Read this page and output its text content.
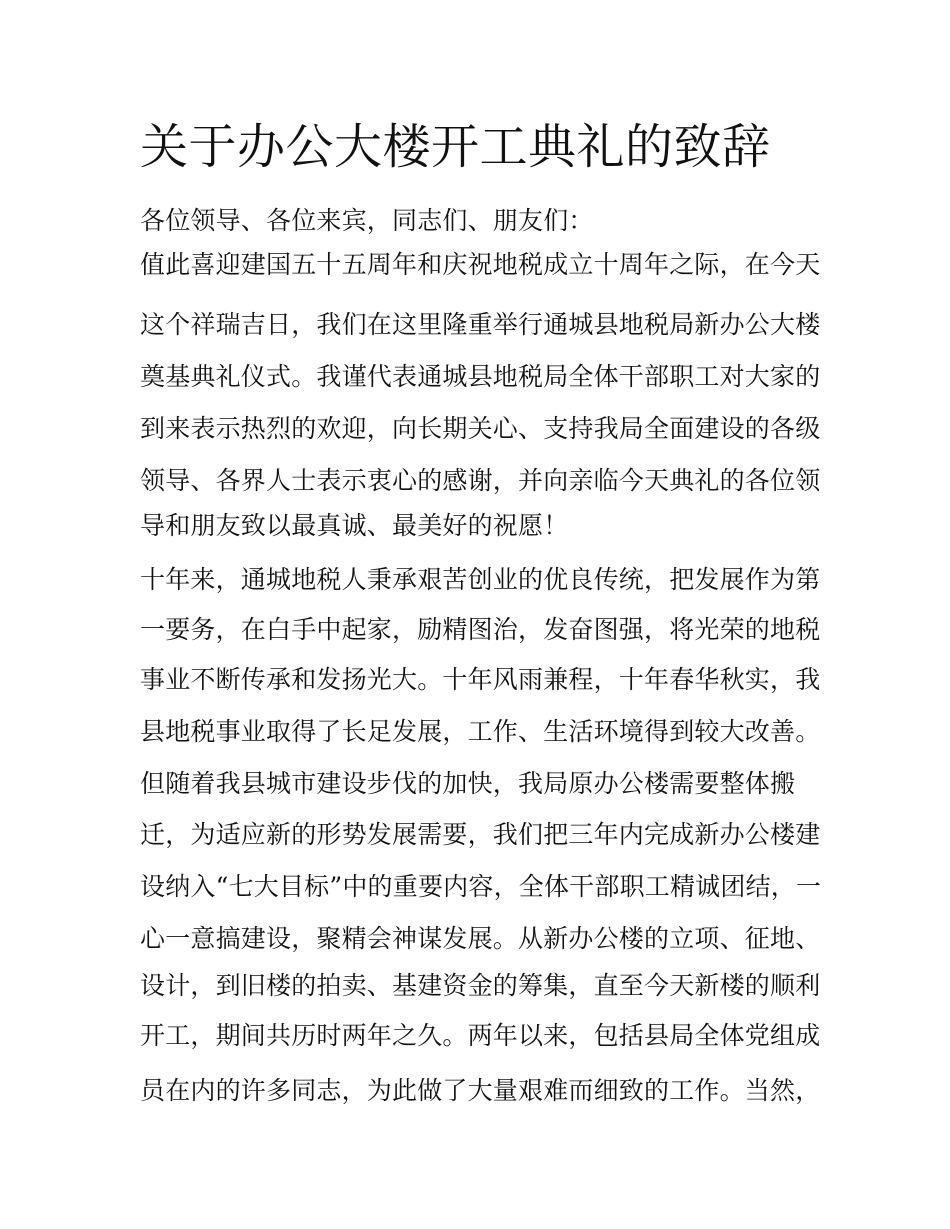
关于办公大楼开工典礼的致辞
各位领导、各位来宾，同志们、朋友们：
值此喜迎建国五十五周年和庆祝地税成立十周年之际，在今天
这个祥瑞吉日，我们在这里隆重举行通城县地税局新办公大楼
奠基典礼仪式。我谨代表通城县地税局全体干部职工对大家的
到来表示热烈的欢迎，向长期关心、支持我局全面建设的各级
领导、各界人士表示衷心的感谢，并向亲临今天典礼的各位领
导和朋友致以最真诚、最美好的祝愿！
十年来，通城地税人秉承艰苦创业的优良传统，把发展作为第
一要务，在白手中起家，励精图治，发奋图强，将光荣的地税
事业不断传承和发扬光大。十年风雨兼程，十年春华秋实，我
县地税事业取得了长足发展，工作、生活环境得到较大改善。
但随着我县城市建设步伐的加快，我局原办公楼需要整体搬
迁，为适应新的形势发展需要，我们把三年内完成新办公楼建
设纳入“七大目标”中的重要内容，全体干部职工精诚团结，一
心一意搞建设，聚精会神谋发展。从新办公楼的立项、征地、
设计，到旧楼的拍卖、基建资金的筹集，直至今天新楼的顺利
开工，期间共历时两年之久。两年以来，包括县局全体党组成
员在内的许多同志，为此做了大量艰难而细致的工作。当然，
